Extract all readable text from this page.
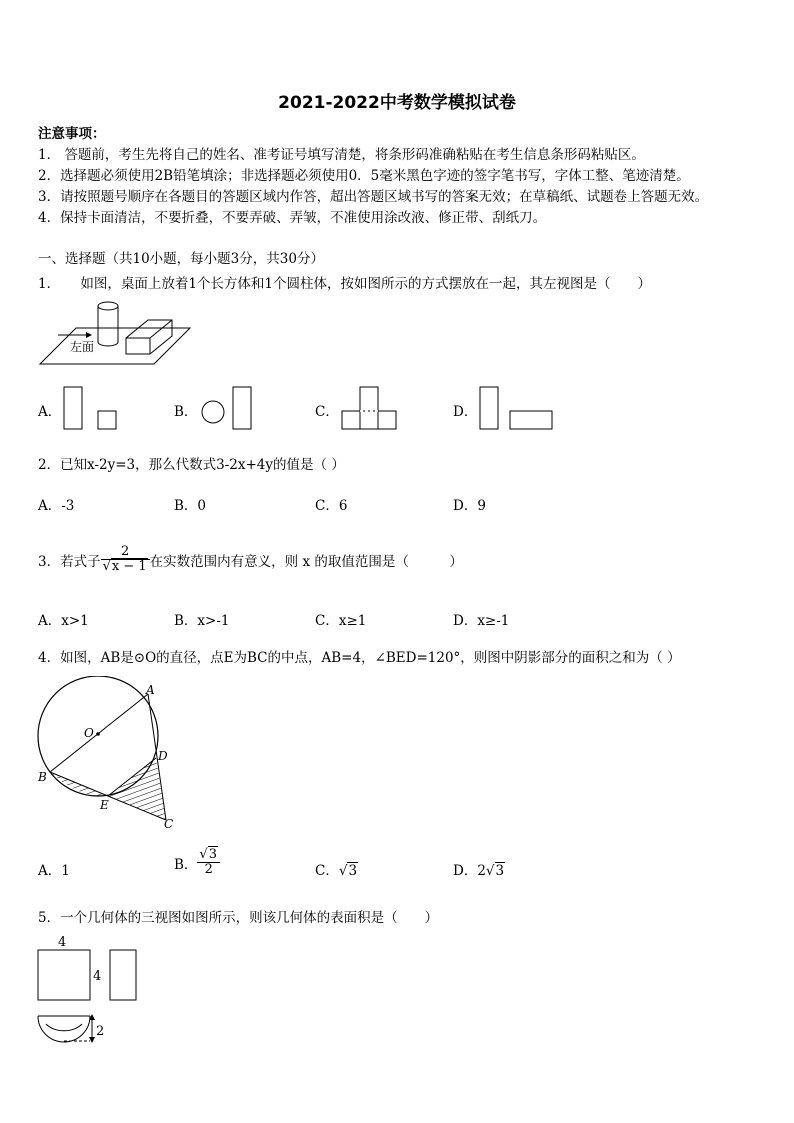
2021-2022中考数学模拟试卷
注意事项：
1． 答题前，考生先将自己的姓名、准考证号填写清楚，将条形码准确粘贴在考生信息条形码粘贴区。
2．选择题必须使用2B铅笔填涂；非选择题必须使用0．5毫米黑色字迹的签字笔书写，字体工整、笔迹清楚。
3．请按照题号顺序在各题目的答题区域内作答，超出答题区域书写的答案无效；在草稿纸、试题卷上答题无效。
4．保持卡面清洁，不要折叠，不要弄破、弄皱，不准使用涂改液、修正带、刮纸刀。
一、选择题（共10小题，每小题3分，共30分）
1．　　如图，桌面上放着1个长方体和1个圆柱体，按如图所示的方式摆放在一起，其左视图是（　　）
左面
A．	B．	C．	D．
2．已知x-2y=3，那么代数式3-2x+4y的值是（ ）
A．-3	B．0	C．6	D．9
3．若式子 $\frac{2}{√x - 1}$ 在实数范围内有意义，则 x 的取值范围是（　　　）
A．x>1	B．x>-1	C．x≥1	D．x≥-1
4．如图，AB是⊙O的直径，点E为BC的中点，AB=4，∠BED=120°，则图中阴影部分的面积之和为（ ）
A
O
D
B
E
C
A．1	B． $\frac{√3}{2}$	C．√3	D．2√3
5．一个几何体的三视图如图所示，则该几何体的表面积是（　　）
4
4
2
